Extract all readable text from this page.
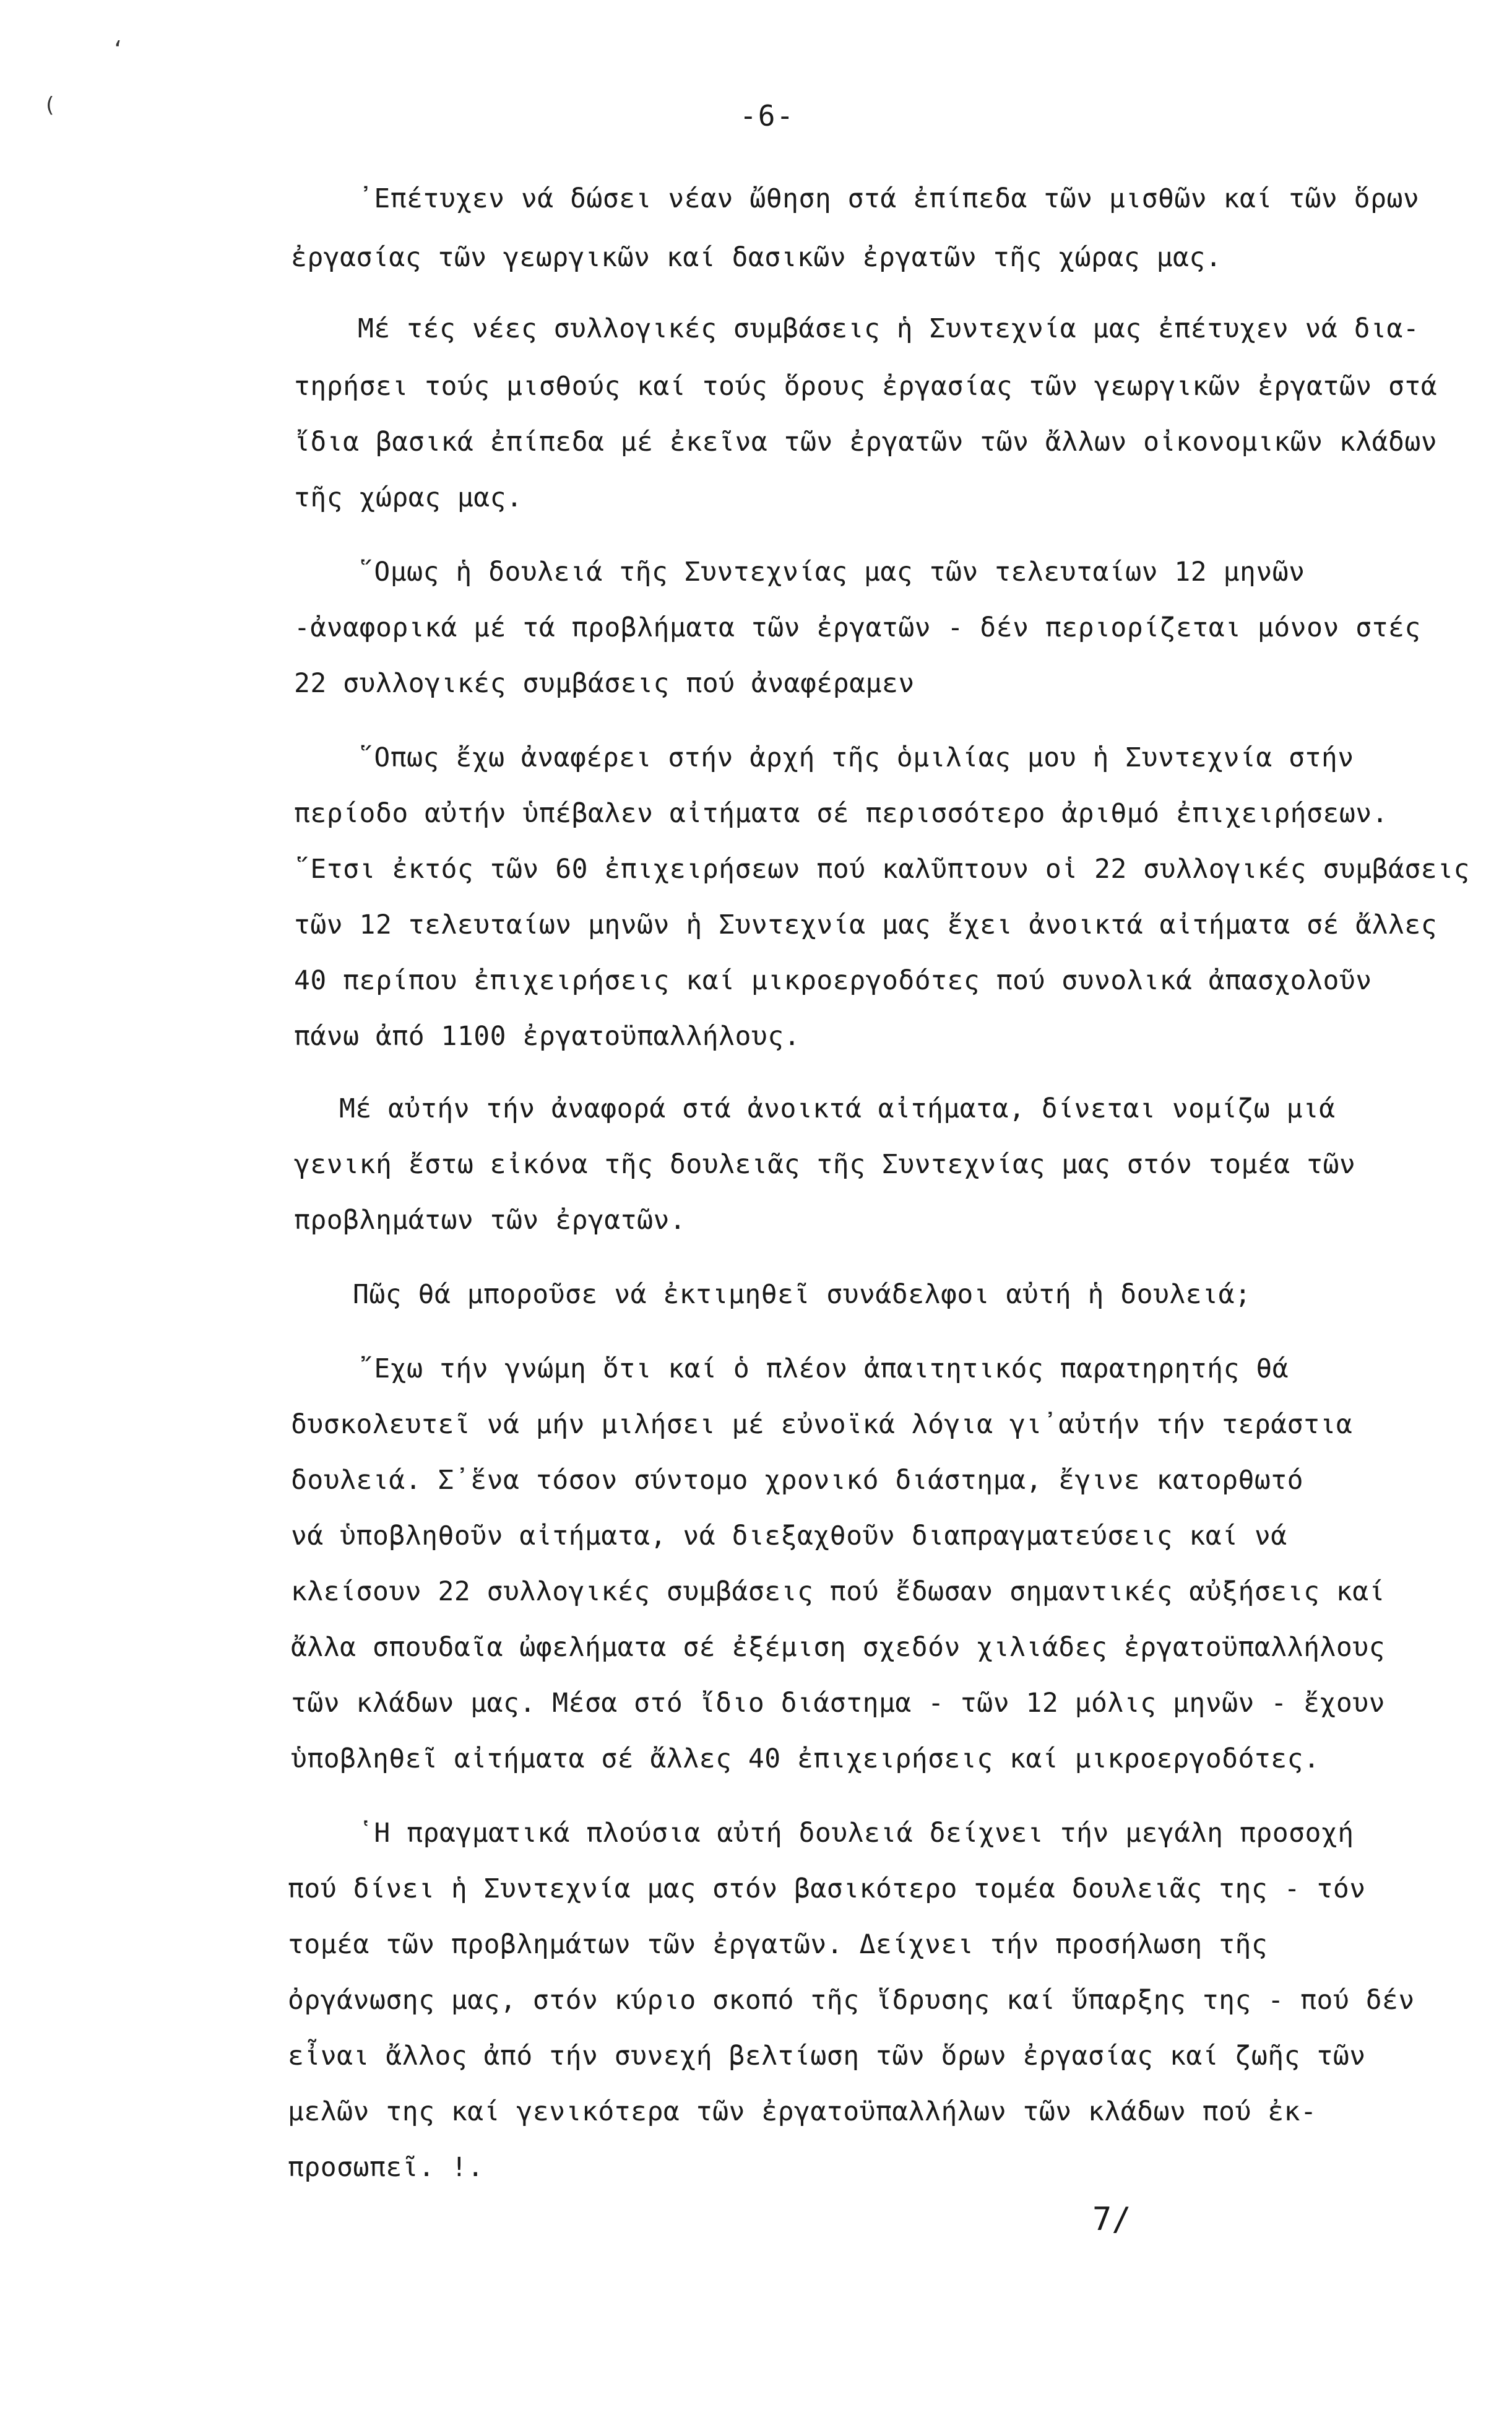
‘
(	-6-
᾿Επέτυχεν νά δώσει νέαν ὤθηση στά ἐπίπεδα τῶν μισθῶν καί τῶν ὅρων
ἐργασίας τῶν γεωργικῶν καί δασικῶν ἐργατῶν τῆς χώρας μας.
Μέ τές νέες συλλογικές συμβάσεις ἡ Συντεχνία μας ἐπέτυχεν νά δια-
τηρήσει τούς μισθούς καί τούς ὅρους ἐργασίας τῶν γεωργικῶν ἐργατῶν στά
ἴδια βασικά ἐπίπεδα μέ ἐκεῖνα τῶν ἐργατῶν τῶν ἄλλων οἰκονομικῶν κλάδων
τῆς χώρας μας.
῞Ομως ἡ δουλειά τῆς Συντεχνίας μας τῶν τελευταίων 12 μηνῶν
-ἀναφορικά μέ τά προβλήματα τῶν ἐργατῶν - δέν περιορίζεται μόνον στές
22 συλλογικές συμβάσεις πού ἀναφέραμεν
῞Οπως ἔχω ἀναφέρει στήν ἀρχή τῆς ὁμιλίας μου ἡ Συντεχνία στήν
περίοδο αὐτήν ὑπέβαλεν αἰτήματα σέ περισσότερο ἀριθμό ἐπιχειρήσεων.
῞Ετσι ἐκτός τῶν 60 ἐπιχειρήσεων πού καλῦπτουν οἱ 22 συλλογικές συμβάσεις
τῶν 12 τελευταίων μηνῶν ἡ Συντεχνία μας ἔχει ἀνοικτά αἰτήματα σέ ἄλλες
40 περίπου ἐπιχειρήσεις καί μικροεργοδότες πού συνολικά ἀπασχολοῦν
πάνω ἀπό 1100 ἐργατοϋπαλλήλους.
Μέ αὐτήν τήν ἀναφορά στά ἀνοικτά αἰτήματα, δίνεται νομίζω μιά
γενική ἔστω εἰκόνα τῆς δουλειᾶς τῆς Συντεχνίας μας στόν τομέα τῶν
προβλημάτων τῶν ἐργατῶν.
Πῶς θά μποροῦσε νά ἐκτιμηθεῖ συνάδελφοι αὐτή ἡ δουλειά;
῎Εχω τήν γνώμη ὅτι καί ὁ πλέον ἀπαιτητικός παρατηρητής θά
δυσκολευτεῖ νά μήν μιλήσει μέ εὐνοϊκά λόγια γι᾿αὐτήν τήν τεράστια
δουλειά. Σ᾿ἕνα τόσον σύντομο χρονικό διάστημα, ἔγινε κατορθωτό
νά ὑποβληθοῦν αἰτήματα, νά διεξαχθοῦν διαπραγματεύσεις καί νά
κλείσουν 22 συλλογικές συμβάσεις πού ἔδωσαν σημαντικές αὐξήσεις καί
ἄλλα σπουδαῖα ὠφελήματα σέ ἐξέμιση σχεδόν χιλιάδες ἐργατοϋπαλλήλους
τῶν κλάδων μας. Μέσα στό ἴδιο διάστημα - τῶν 12 μόλις μηνῶν - ἔχουν
ὑποβληθεῖ αἰτήματα σέ ἄλλες 40 ἐπιχειρήσεις καί μικροεργοδότες.
῾Η πραγματικά πλούσια αὐτή δουλειά δείχνει τήν μεγάλη προσοχή
πού δίνει ἡ Συντεχνία μας στόν βασικότερο τομέα δουλειᾶς της - τόν
τομέα τῶν προβλημάτων τῶν ἐργατῶν. Δείχνει τήν προσήλωση τῆς
ὀργάνωσης μας, στόν κύριο σκοπό τῆς ἵδρυσης καί ὕπαρξης της - πού δέν
εἶναι ἄλλος ἀπό τήν συνεχή βελτίωση τῶν ὅρων ἐργασίας καί ζωῆς τῶν
μελῶν της καί γενικότερα τῶν ἐργατοϋπαλλήλων τῶν κλάδων πού ἐκ-
προσωπεῖ. !.
7/
